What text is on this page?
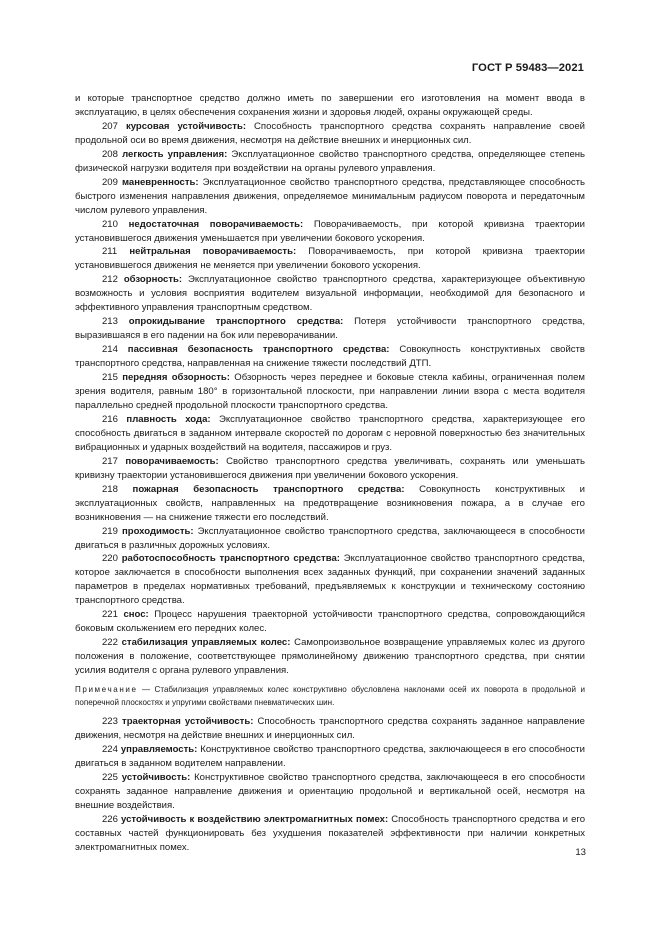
ГОСТ Р 59483—2021

и которые транспортное средство должно иметь по завершении его изготовления на момент ввода в эксплуатацию, в целях обеспечения сохранения жизни и здоровья людей, охраны окружающей среды.

207 курсовая устойчивость: Способность транспортного средства сохранять направление своей продольной оси во время движения, несмотря на действие внешних и инерционных сил.

208 легкость управления: Эксплуатационное свойство транспортного средства, определяющее степень физической нагрузки водителя при воздействии на органы рулевого управления.

209 маневренность: Эксплуатационное свойство транспортного средства, представляющее способность быстрого изменения направления движения, определяемое минимальным радиусом поворота и передаточным числом рулевого управления.

210 недостаточная поворачиваемость: Поворачиваемость, при которой кривизна траектории установившегося движения уменьшается при увеличении бокового ускорения.

211 нейтральная поворачиваемость: Поворачиваемость, при которой кривизна траектории установившегося движения не меняется при увеличении бокового ускорения.

212 обзорность: Эксплуатационное свойство транспортного средства, характеризующее объективную возможность и условия восприятия водителем визуальной информации, необходимой для безопасного и эффективного управления транспортным средством.

213 опрокидывание транспортного средства: Потеря устойчивости транспортного средства, выразившаяся в его падении на бок или переворачивании.

214 пассивная безопасность транспортного средства: Совокупность конструктивных свойств транспортного средства, направленная на снижение тяжести последствий ДТП.

215 передняя обзорность: Обзорность через переднее и боковые стекла кабины, ограниченная полем зрения водителя, равным 180° в горизонтальной плоскости, при направлении линии взора с места водителя параллельно средней продольной плоскости транспортного средства.

216 плавность хода: Эксплуатационное свойство транспортного средства, характеризующее его способность двигаться в заданном интервале скоростей по дорогам с неровной поверхностью без значительных вибрационных и ударных воздействий на водителя, пассажиров и груз.

217 поворачиваемость: Свойство транспортного средства увеличивать, сохранять или уменьшать кривизну траектории установившегося движения при увеличении бокового ускорения.

218 пожарная безопасность транспортного средства: Совокупность конструктивных и эксплуатационных свойств, направленных на предотвращение возникновения пожара, а в случае его возникновения — на снижение тяжести его последствий.

219 проходимость: Эксплуатационное свойство транспортного средства, заключающееся в способности двигаться в различных дорожных условиях.

220 работоспособность транспортного средства: Эксплуатационное свойство транспортного средства, которое заключается в способности выполнения всех заданных функций, при сохранении значений заданных параметров в пределах нормативных требований, предъявляемых к конструкции и техническому состоянию транспортного средства.

221 снос: Процесс нарушения траекторной устойчивости транспортного средства, сопровождающийся боковым скольжением его передних колес.

222 стабилизация управляемых колес: Самопроизвольное возвращение управляемых колес из другого положения в положение, соответствующее прямолинейному движению транспортного средства, при снятии усилия водителя с органа рулевого управления.

Примечание — Стабилизация управляемых колес конструктивно обусловлена наклонами осей их поворота в продольной и поперечной плоскостях и упругими свойствами пневматических шин.

223 траекторная устойчивость: Способность транспортного средства сохранять заданное направление движения, несмотря на действие внешних и инерционных сил.

224 управляемость: Конструктивное свойство транспортного средства, заключающееся в его способности двигаться в заданном водителем направлении.

225 устойчивость: Конструктивное свойство транспортного средства, заключающееся в его способности сохранять заданное направление движения и ориентацию продольной и вертикальной осей, несмотря на внешние воздействия.

226 устойчивость к воздействию электромагнитных помех: Способность транспортного средства и его составных частей функционировать без ухудшения показателей эффективности при наличии конкретных электромагнитных помех.	13
